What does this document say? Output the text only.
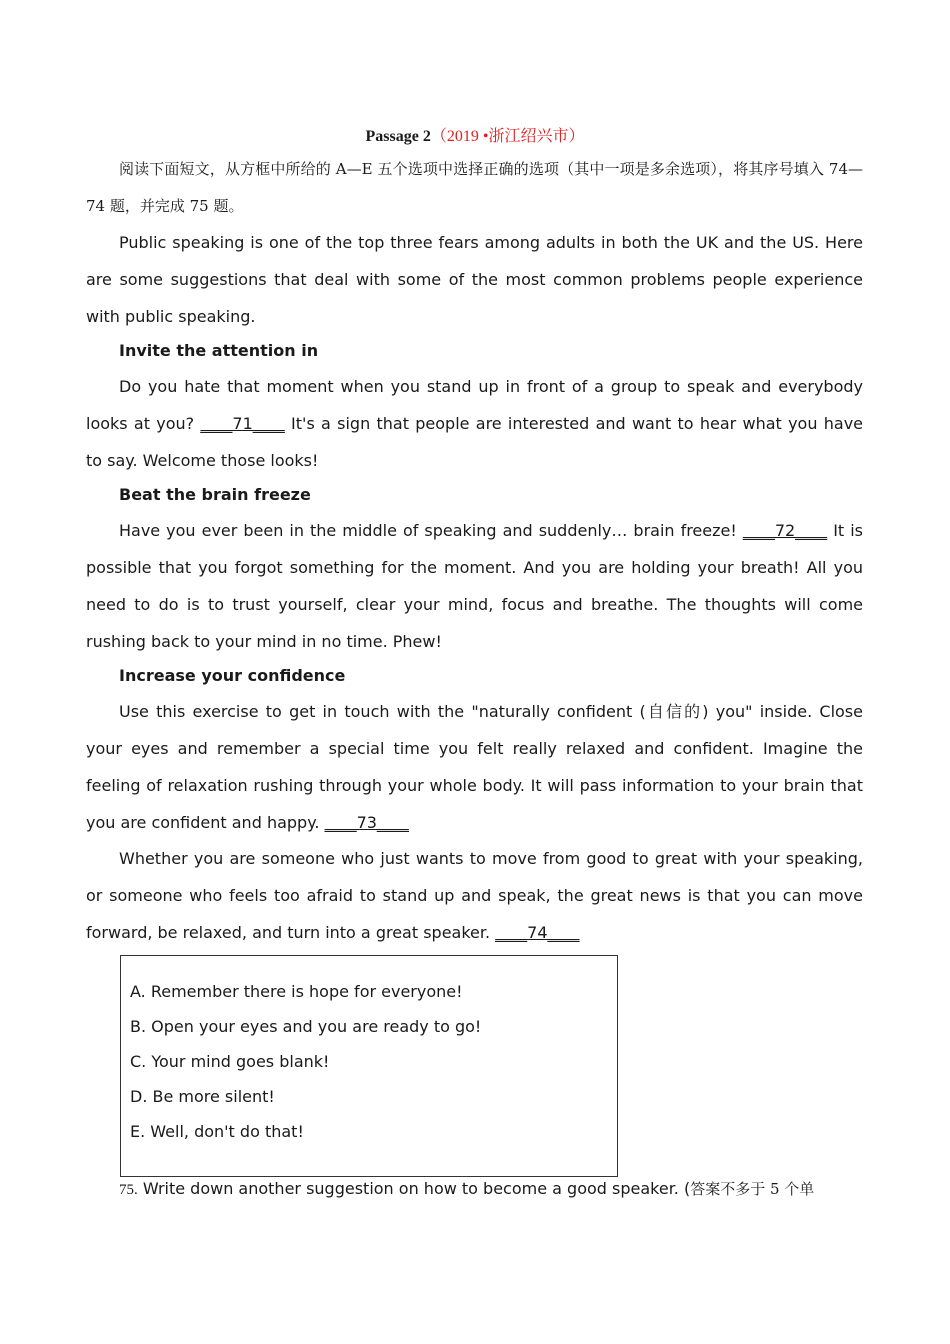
Passage 2（2019 •浙江绍兴市）
阅读下面短文，从方框中所给的 A—E 五个选项中选择正确的选项（其中一项是多余选项），将其序号填入 74—74 题，并完成 75 题。
Public speaking is one of the top three fears among adults in both the UK and the US. Here are some suggestions that deal with some of the most common problems people experience with public speaking.
Invite the attention in
Do you hate that moment when you stand up in front of a group to speak and everybody looks at you? ____71____ It's a sign that people are interested and want to hear what you have to say. Welcome those looks!
Beat the brain freeze
Have you ever been in the middle of speaking and suddenly… brain freeze! ____72____ It is possible that you forgot something for the moment. And you are holding your breath! All you need to do is to trust yourself, clear your mind, focus and breathe. The thoughts will come rushing back to your mind in no time. Phew!
Increase your confidence
Use this exercise to get in touch with the "naturally confident (自信的) you" inside. Close your eyes and remember a special time you felt really relaxed and confident. Imagine the feeling of relaxation rushing through your whole body. It will pass information to your brain that you are confident and happy. ____73____
Whether you are someone who just wants to move from good to great with your speaking, or someone who feels too afraid to stand up and speak, the great news is that you can move forward, be relaxed, and turn into a great speaker. ____74____
A. Remember there is hope for everyone!
B. Open your eyes and you are ready to go!
C. Your mind goes blank!
D. Be more silent!
E. Well, don't do that!
75. Write down another suggestion on how to become a good speaker. (答案不多于 5 个单
